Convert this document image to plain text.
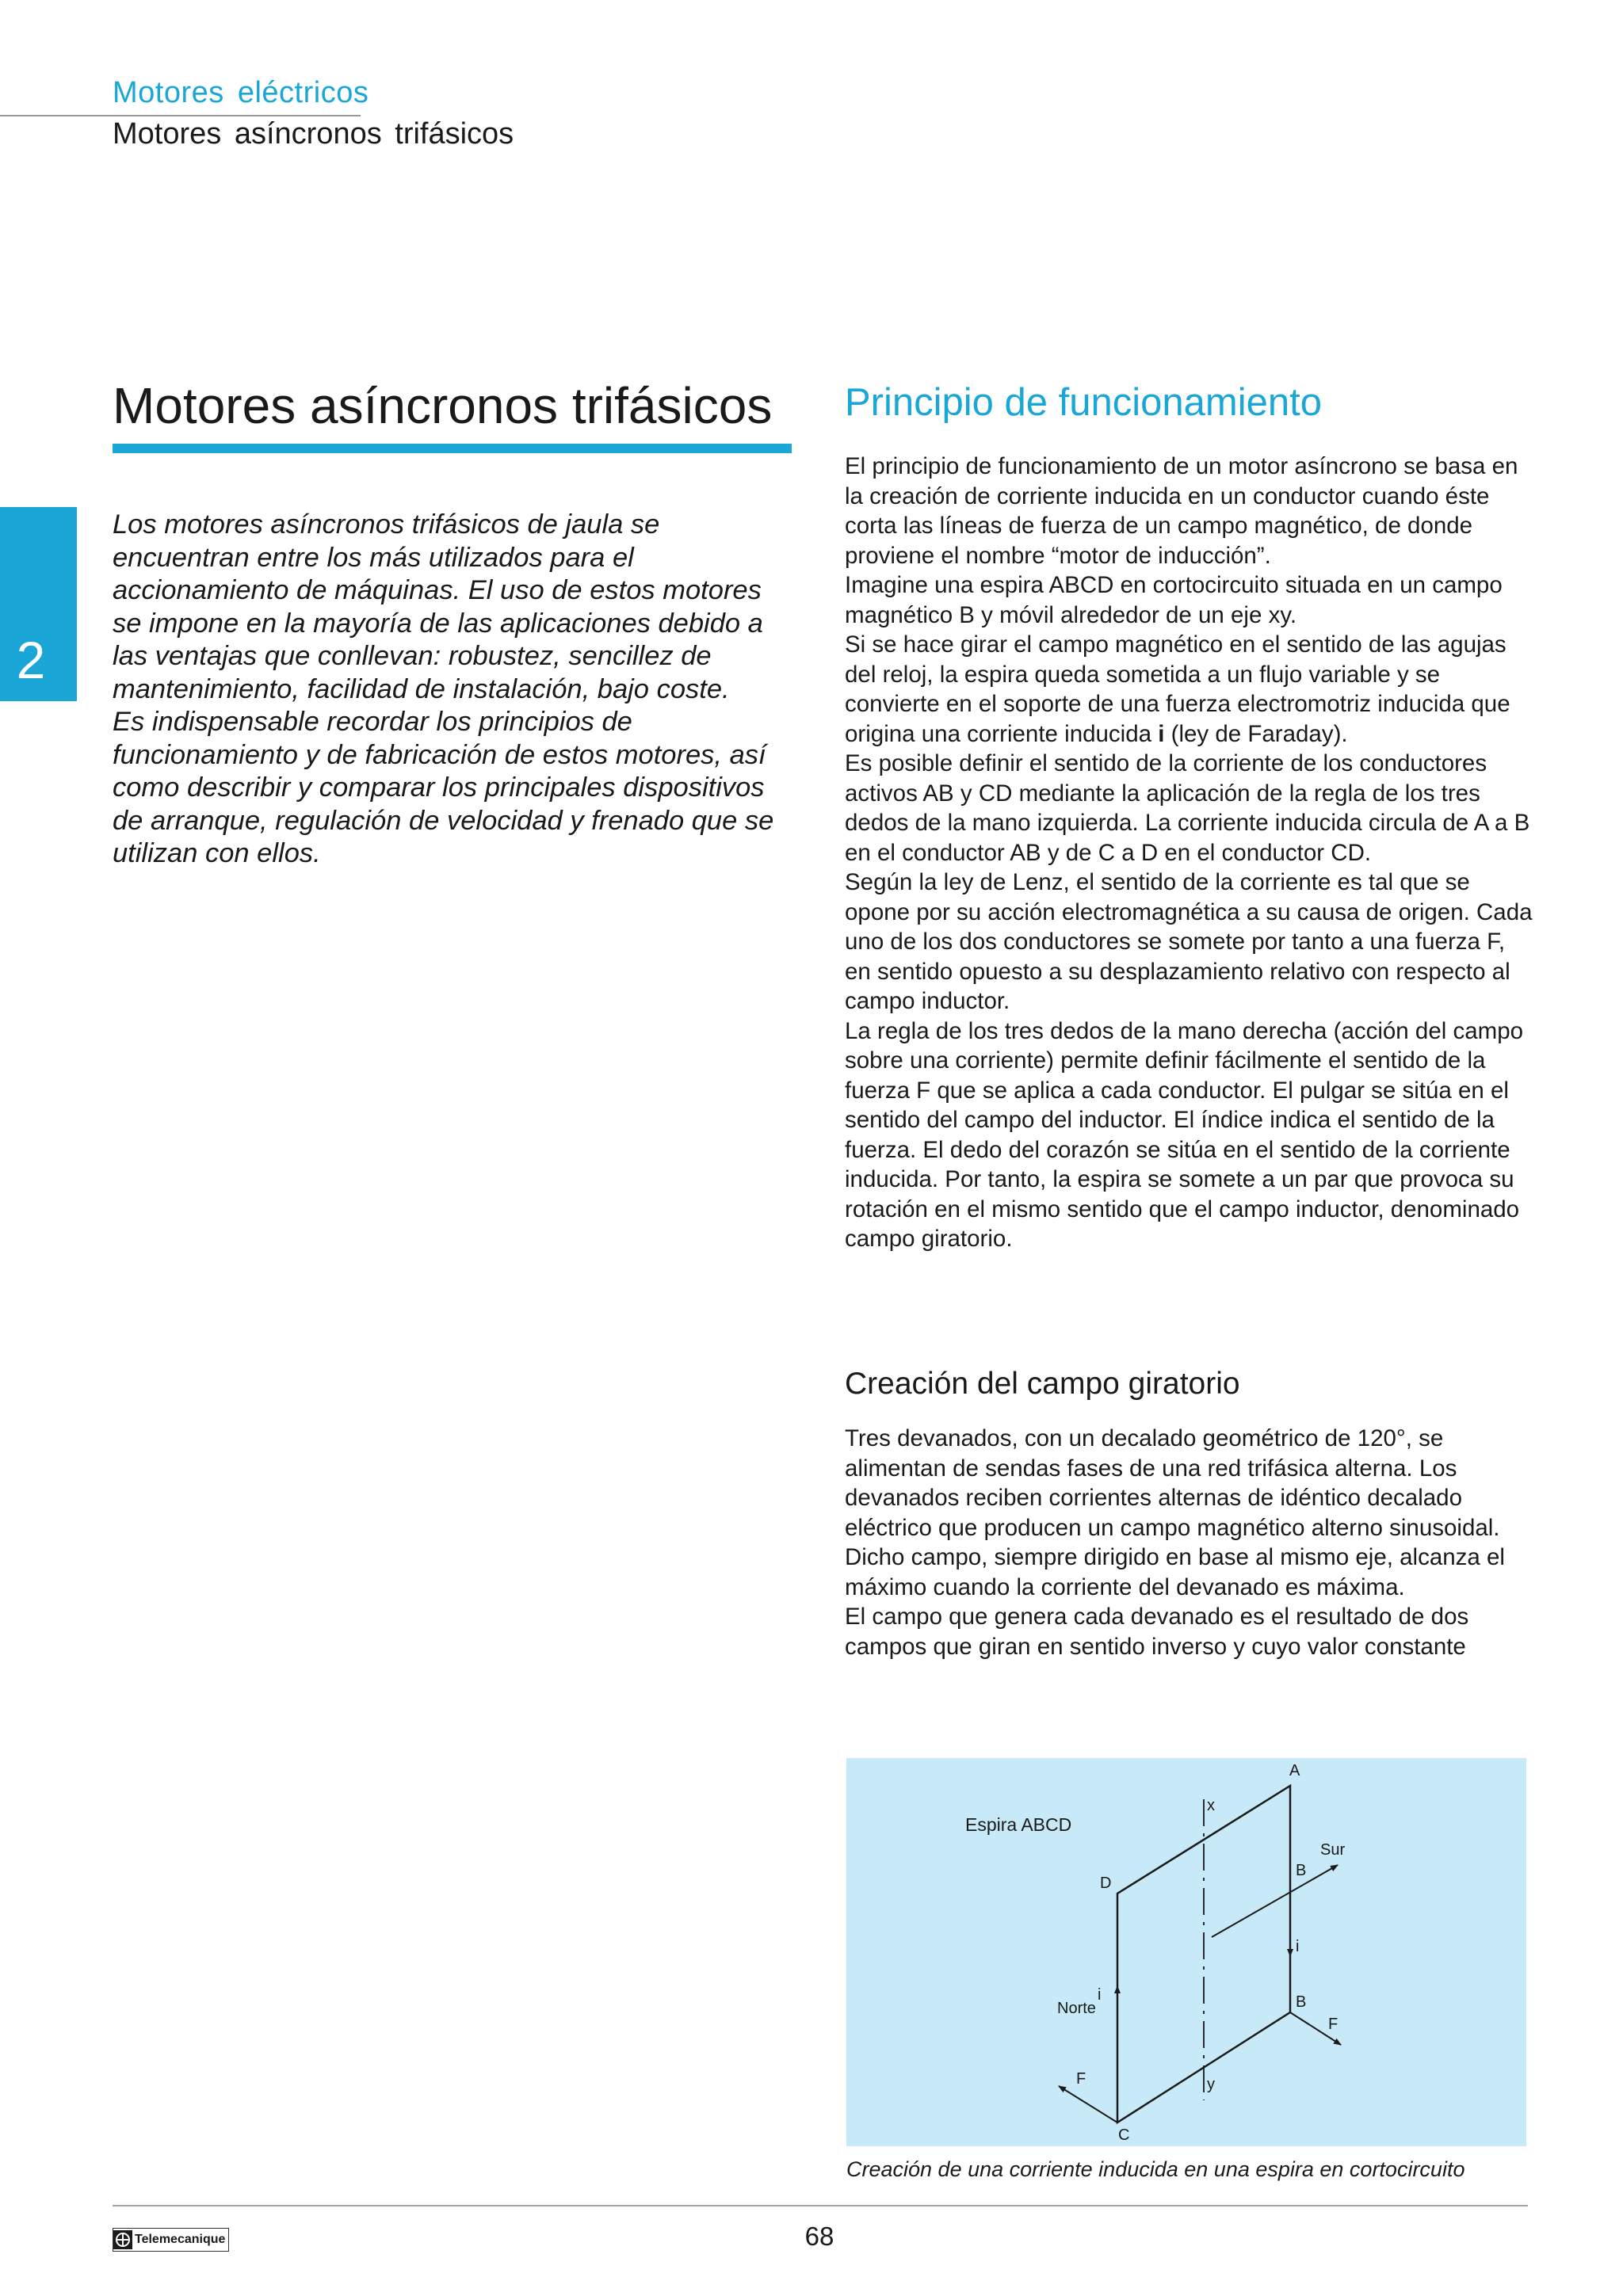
Motores eléctricos
Motores asíncronos trifásicos
2
Motores asíncronos trifásicos

Los motores asíncronos trifásicos de jaula se encuentran entre los más utilizados para el accionamiento de máquinas. El uso de estos motores se impone en la mayoría de las aplicaciones debido a las ventajas que conllevan: robustez, sencillez de mantenimiento, facilidad de instalación, bajo coste.

Es indispensable recordar los principios de funcionamiento y de fabricación de estos motores, así como describir y comparar los principales dispositivos de arranque, regulación de velocidad y frenado que se utilizan con ellos.

Principio de funcionamiento

El principio de funcionamiento de un motor asíncrono se basa en la creación de corriente inducida en un conductor cuando éste corta las líneas de fuerza de un campo magnético, de donde proviene el nombre “motor de inducción”.

Imagine una espira ABCD en cortocircuito situada en un campo magnético B y móvil alrededor de un eje xy.

Si se hace girar el campo magnético en el sentido de las agujas del reloj, la espira queda sometida a un flujo variable y se convierte en el soporte de una fuerza electromotriz inducida que origina una corriente inducida i (ley de Faraday).

Es posible definir el sentido de la corriente de los conductores activos AB y CD mediante la aplicación de la regla de los tres dedos de la mano izquierda. La corriente inducida circula de A a B en el conductor AB y de C a D en el conductor CD.

Según la ley de Lenz, el sentido de la corriente es tal que se opone por su acción electromagnética a su causa de origen. Cada uno de los dos conductores se somete por tanto a una fuerza F, en sentido opuesto a su desplazamiento relativo con respecto al campo inductor.

La regla de los tres dedos de la mano derecha (acción del campo sobre una corriente) permite definir fácilmente el sentido de la fuerza F que se aplica a cada conductor. El pulgar se sitúa en el sentido del campo del inductor. El índice indica el sentido de la fuerza. El dedo del corazón se sitúa en el sentido de la corriente inducida. Por tanto, la espira se somete a un par que provoca su rotación en el mismo sentido que el campo inductor, denominado campo giratorio.

Creación del campo giratorio

Tres devanados, con un decalado geométrico de 120°, se alimentan de sendas fases de una red trifásica alterna. Los devanados reciben corrientes alternas de idéntico decalado eléctrico que producen un campo magnético alterno sinusoidal. Dicho campo, siempre dirigido en base al mismo eje, alcanza el máximo cuando la corriente del devanado es máxima.

El campo que genera cada devanado es el resultado de dos campos que giran en sentido inverso y cuyo valor constante

Espira ABCD
A
x
Sur
B
D
i
i
Norte	B
F
F	y
C
Creación de una corriente inducida en una espira en cortocircuito
Telemecanique	68
